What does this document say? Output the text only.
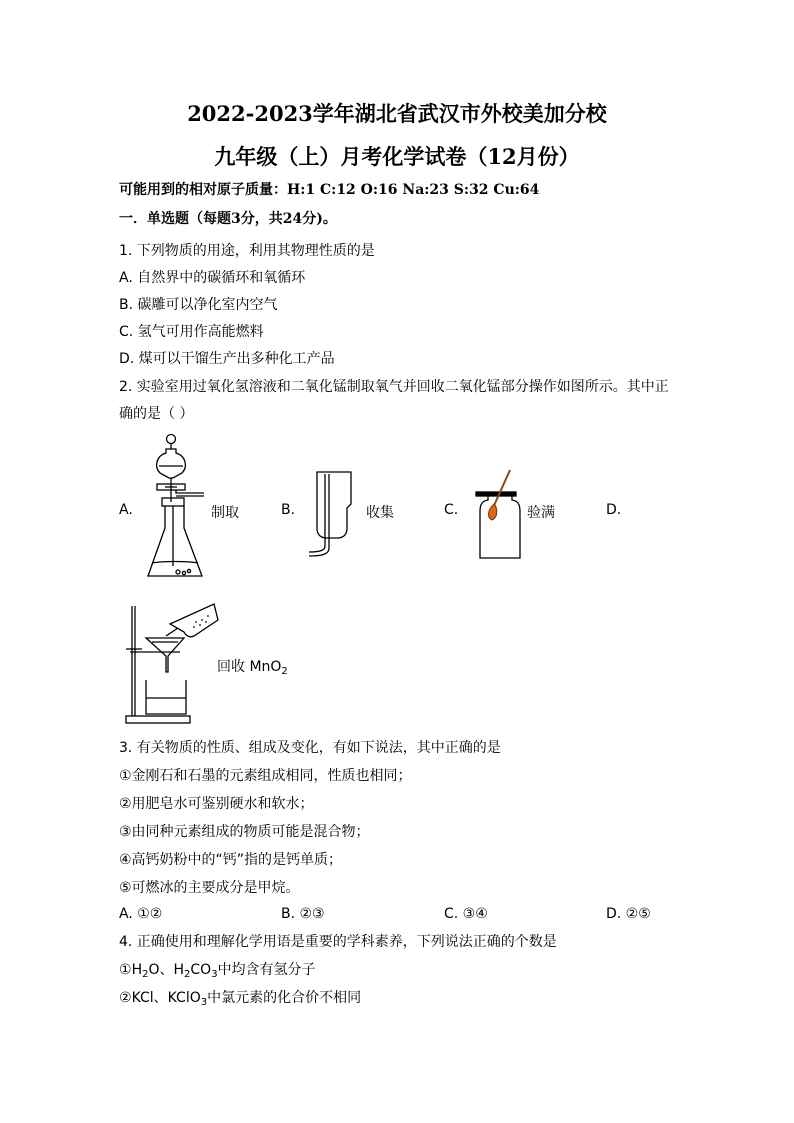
2022-2023学年湖北省武汉市外校美加分校
九年级（上）月考化学试卷（12月份）
可能用到的相对原子质量：H:1 C:12 O:16 Na:23 S:32 Cu:64
一．单选题（每题3分，共24分)。
1. 下列物质的用途，利用其物理性质的是
A. 自然界中的碳循环和氧循环
B. 碳雕可以净化室内空气
C. 氢气可用作高能燃料
D. 煤可以干馏生产出多种化工产品
2. 实验室用过氧化氢溶液和二氧化锰制取氧气并回收二氧化锰部分操作如图所示。其中正
确的是（ ）
A.	制取	B.	收集	C.	验满	D.
回收 MnO$_2$
3. 有关物质的性质、组成及变化，有如下说法，其中正确的是
①金刚石和石墨的元素组成相同，性质也相同；
②用肥皂水可鉴别硬水和软水；
③由同种元素组成的物质可能是混合物；
④高钙奶粉中的“钙”指的是钙单质；
⑤可燃冰的主要成分是甲烷。
A. ①②	B. ②③	C. ③④	D. ②⑤
4. 正确使用和理解化学用语是重要的学科素养，下列说法正确的个数是
$①H_2O$、$H_2CO_3$中均含有氢分子
②KCl、KClO$_3$中氯元素的化合价不相同
